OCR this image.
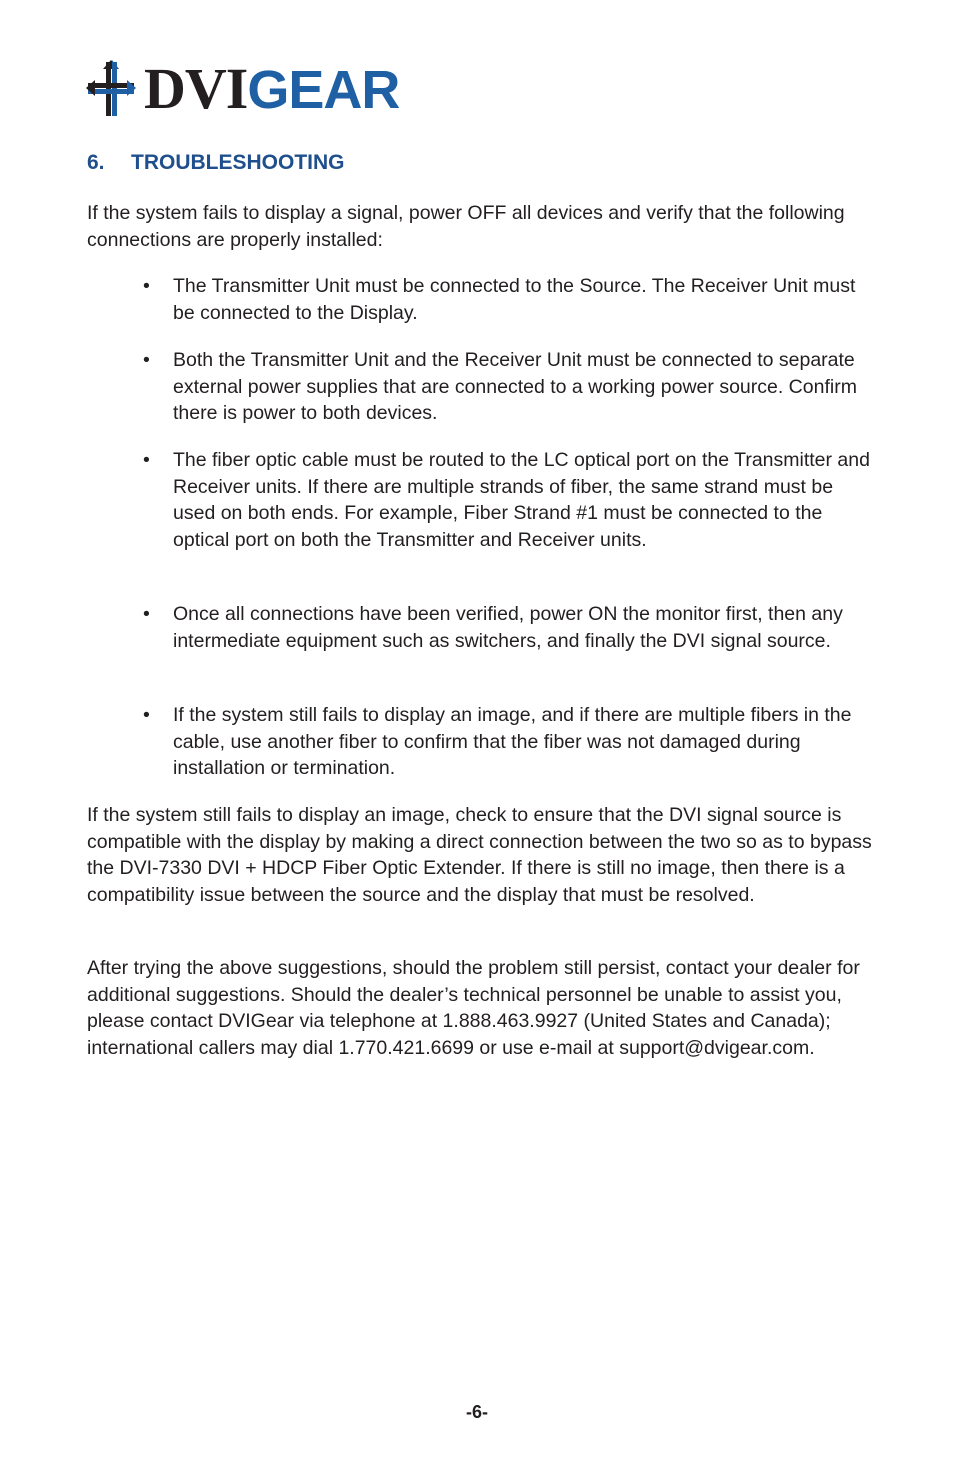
DVI GEAR
6.	TROUBLESHOOTING

If the system fails to display a signal, power OFF all devices and verify that the following connections are properly installed:

• The Transmitter Unit must be connected to the Source. The Receiver Unit must be connected to the Display.
• Both the Transmitter Unit and the Receiver Unit must be connected to separate external power supplies that are connected to a working power source. Confirm there is power to both devices.
• The fiber optic cable must be routed to the LC optical port on the Transmitter and Receiver units. If there are multiple strands of fiber, the same strand must be used on both ends. For example, Fiber Strand #1 must be connected to the optical port on both the Transmitter and Receiver units.
• Once all connections have been verified, power ON the monitor first, then any intermediate equipment such as switchers, and finally the DVI signal source.
• If the system still fails to display an image, and if there are multiple fibers in the cable, use another fiber to confirm that the fiber was not damaged during installation or termination.

If the system still fails to display an image, check to ensure that the DVI signal source is compatible with the display by making a direct connection between the two so as to bypass the DVI-7330 DVI + HDCP Fiber Optic Extender. If there is still no image, then there is a compatibility issue between the source and the display that must be resolved.

After trying the above suggestions, should the problem still persist, contact your dealer for additional suggestions. Should the dealer’s technical personnel be unable to assist you, please contact DVIGear via telephone at 1.888.463.9927 (United States and Canada); international callers may dial 1.770.421.6699 or use e-mail at support@dvigear.com.

-6-
